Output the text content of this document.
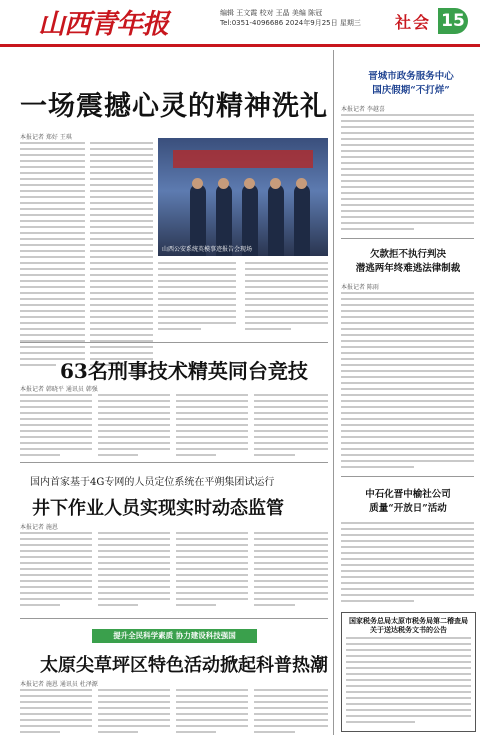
山西青年报	编辑 王文霞 校对 王晶 美编 陈冠
Tel:0351-4096686 2024年9月25日 星期三 社会 15
一场震撼心灵的精神洗礼
本报记者 郑好 王琪
山西公安系统英模事迹报告会现场
63名刑事技术精英同台竞技
本报记者 韩晓平 通讯员 韩强
国内首家基于4G专网的人员定位系统在平朔集团试运行
井下作业人员实现实时动态监管
本报记者 施恩
提升全民科学素质 协力建设科技强国
太原尖草坪区特色活动掀起科普热潮
本报记者 施恩 通讯员 杜泽源
晋城市政务服务中心
国庆假期“不打烊”
本报记者 李越喜
欠款拒不执行判决
潜逃两年终难逃法律制裁
本报记者 陈雨
中石化晋中榆社公司
质量“开放日”活动
国家税务总局太原市税务局第二稽查局关于送达税务文书的公告
